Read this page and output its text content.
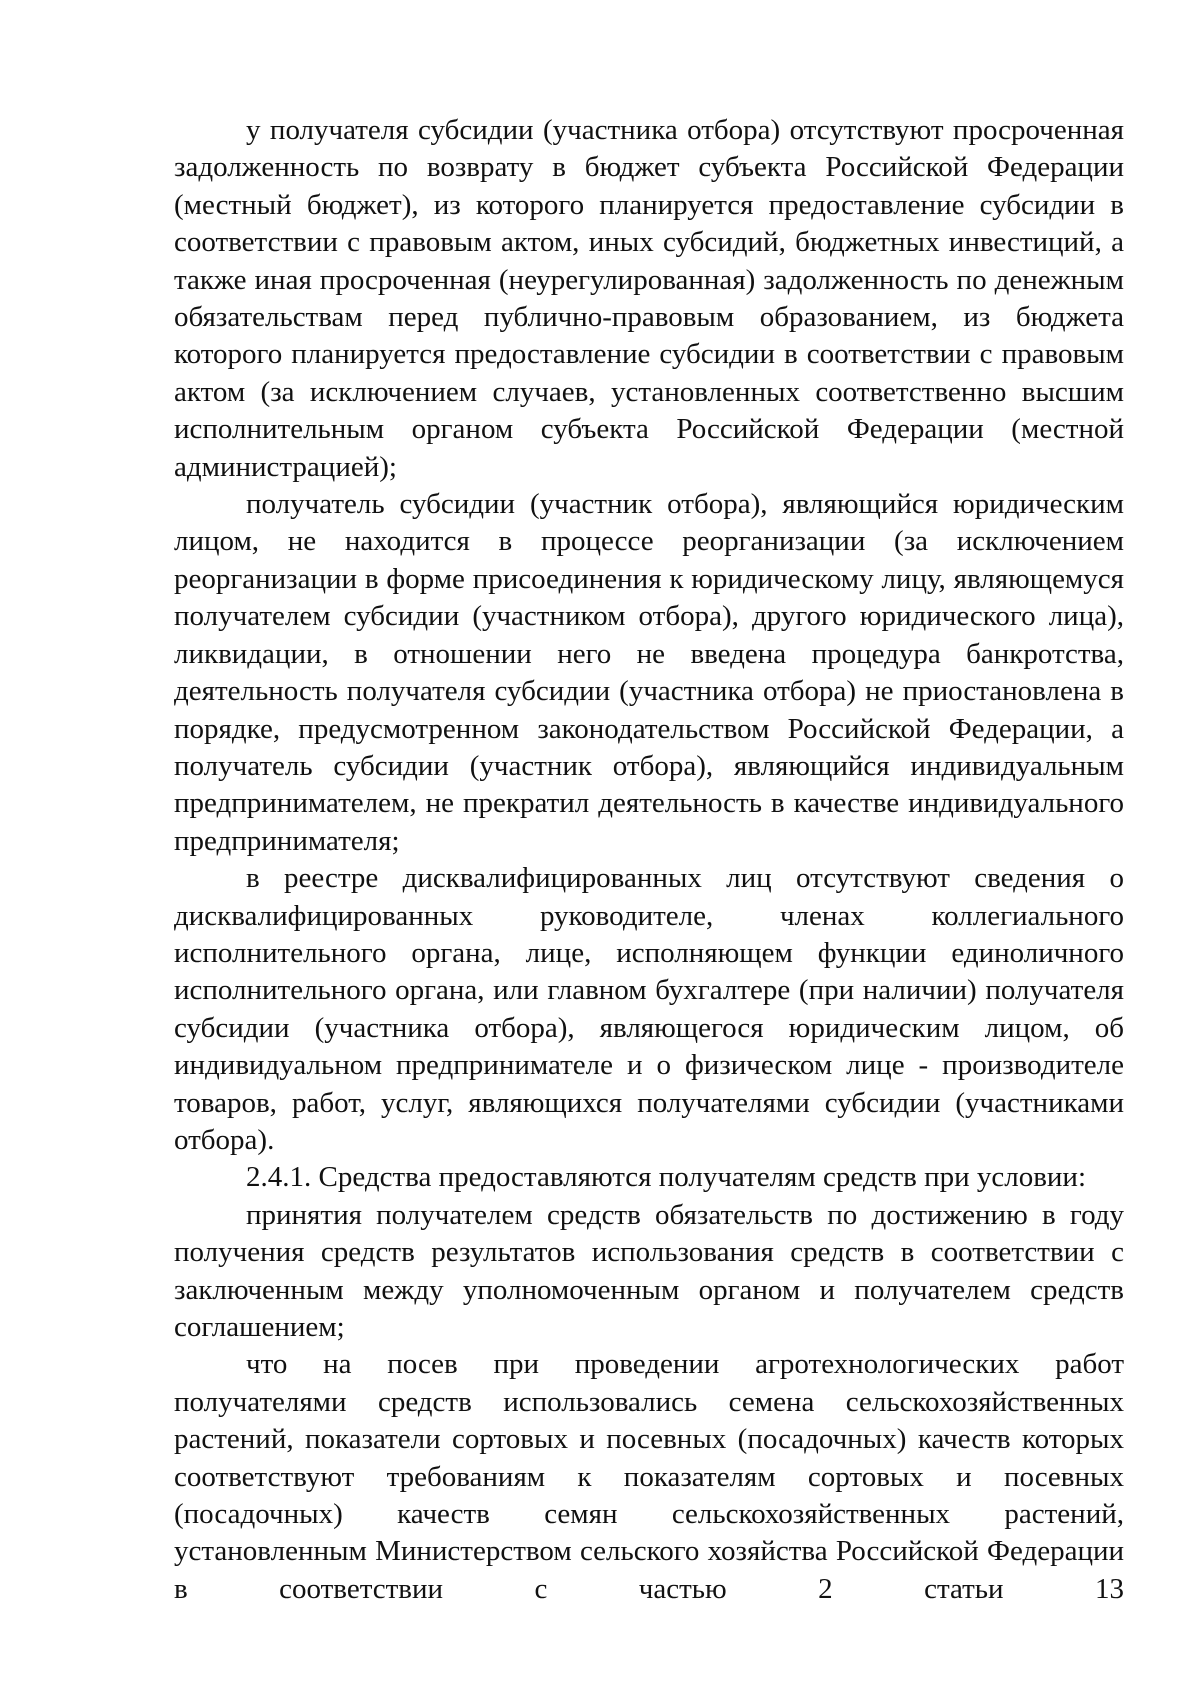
у получателя субсидии (участника отбора) отсутствуют просроченная задолженность по возврату в бюджет субъекта Российской Федерации (местный бюджет), из которого планируется предоставление субсидии в соответствии с правовым актом, иных субсидий, бюджетных инвестиций, а также иная просроченная (неурегулированная) задолженность по денежным обязательствам перед публично-правовым образованием, из бюджета которого планируется предоставление субсидии в соответствии с правовым актом (за исключением случаев, установленных соответственно высшим исполнительным органом субъекта Российской Федерации (местной администрацией);

получатель субсидии (участник отбора), являющийся юридическим лицом, не находится в процессе реорганизации (за исключением реорганизации в форме присоединения к юридическому лицу, являющемуся получателем субсидии (участником отбора), другого юридического лица), ликвидации, в отношении него не введена процедура банкротства, деятельность получателя субсидии (участника отбора) не приостановлена в порядке, предусмотренном законодательством Российской Федерации, а получатель субсидии (участник отбора), являющийся индивидуальным предпринимателем, не прекратил деятельность в качестве индивидуального предпринимателя;

в реестре дисквалифицированных лиц отсутствуют сведения о дисквалифицированных руководителе, членах коллегиального исполнительного органа, лице, исполняющем функции единоличного исполнительного органа, или главном бухгалтере (при наличии) получателя субсидии (участника отбора), являющегося юридическим лицом, об индивидуальном предпринимателе и о физическом лице - производителе товаров, работ, услуг, являющихся получателями субсидии (участниками отбора).

2.4.1. Средства предоставляются получателям средств при условии:

принятия получателем средств обязательств по достижению в году получения средств результатов использования средств в соответствии с заключенным между уполномоченным органом и получателем средств соглашением;

что на посев при проведении агротехнологических работ получателями средств использовались семена сельскохозяйственных растений, показатели сортовых и посевных (посадочных) качеств которых соответствуют требованиям к показателям сортовых и посевных (посадочных) качеств семян сельскохозяйственных растений, установленным Министерством сельского хозяйства Российской Федерации в соответствии с частью 2 статьи 13
